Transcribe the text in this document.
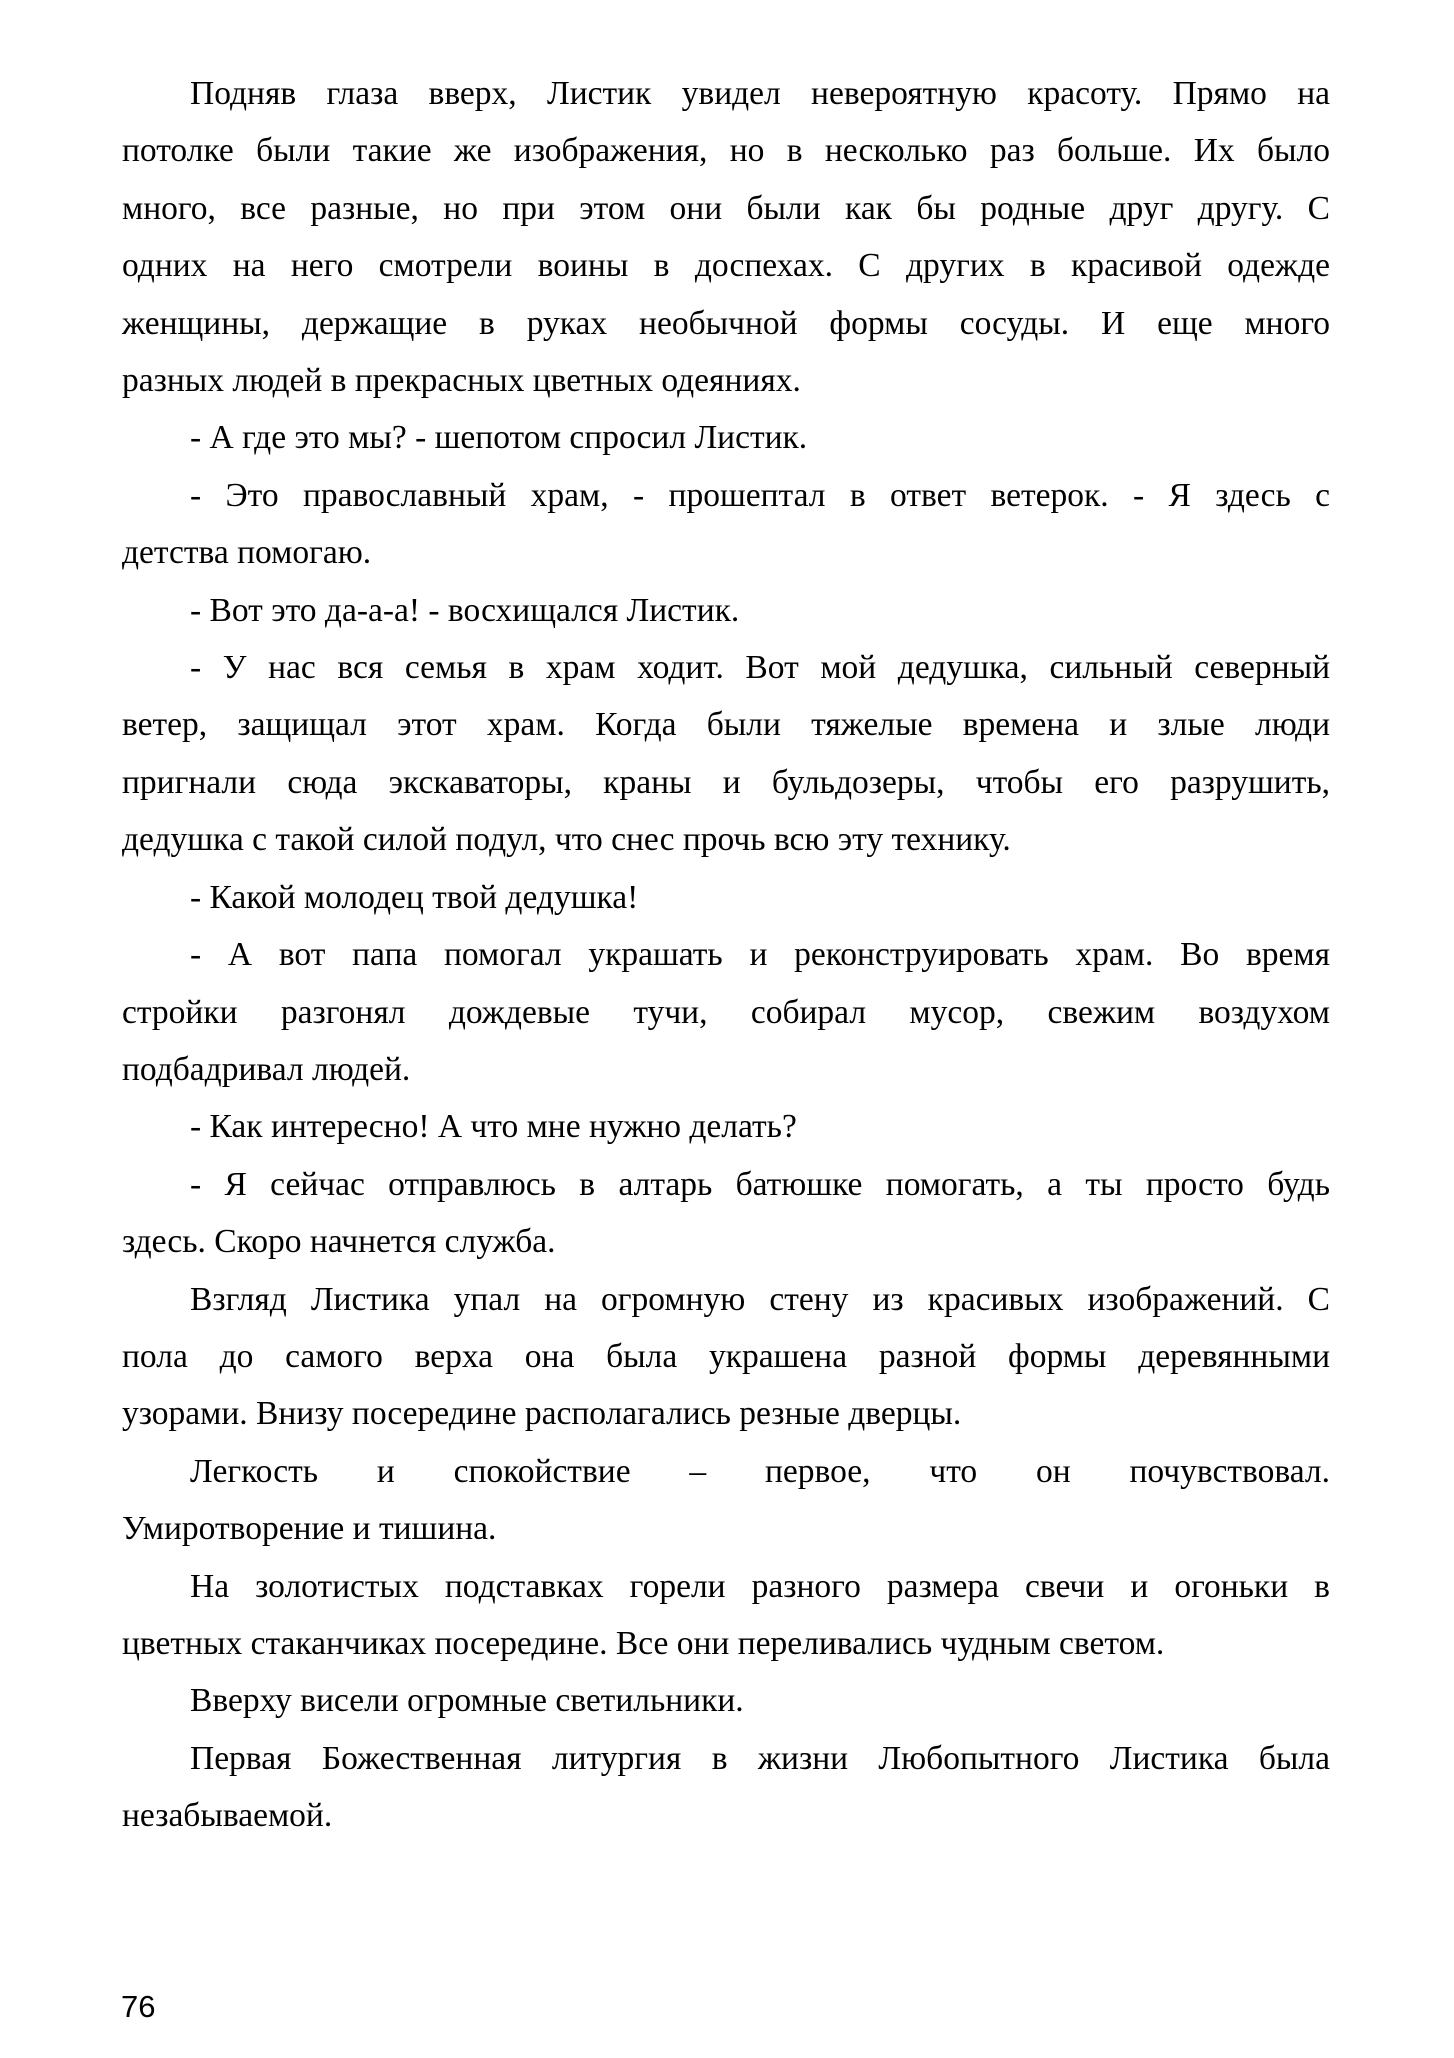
Подняв глаза вверх, Листик увидел невероятную красоту. Прямо на
потолке были такие же изображения, но в несколько раз больше. Их было
много, все разные, но при этом они были как бы родные друг другу. С
одних на него смотрели воины в доспехах. С других в красивой одежде
женщины, держащие в руках необычной формы сосуды. И еще много
разных людей в прекрасных цветных одеяниях.

- А где это мы? - шепотом спросил Листик.

- Это православный храм, - прошептал в ответ ветерок. - Я здесь с
детства помогаю.

- Вот это да-а-а! - восхищался Листик.

- У нас вся семья в храм ходит. Вот мой дедушка, сильный северный
ветер, защищал этот храм. Когда были тяжелые времена и злые люди
пригнали сюда экскаваторы, краны и бульдозеры, чтобы его разрушить,
дедушка с такой силой подул, что снес прочь всю эту технику.

- Какой молодец твой дедушка!

- А вот папа помогал украшать и реконструировать храм. Во время
стройки разгонял дождевые тучи, собирал мусор, свежим воздухом
подбадривал людей.

- Как интересно! А что мне нужно делать?

- Я сейчас отправлюсь в алтарь батюшке помогать, а ты просто будь
здесь. Скоро начнется служба.

Взгляд Листика упал на огромную стену из красивых изображений. С
пола до самого верха она была украшена разной формы деревянными
узорами. Внизу посередине располагались резные дверцы.

Легкость и спокойствие – первое, что он почувствовал.
Умиротворение и тишина.

На золотистых подставках горели разного размера свечи и огоньки в
цветных стаканчиках посередине. Все они переливались чудным светом.

Вверху висели огромные светильники.

Первая Божественная литургия в жизни Любопытного Листика была
незабываемой.

76
